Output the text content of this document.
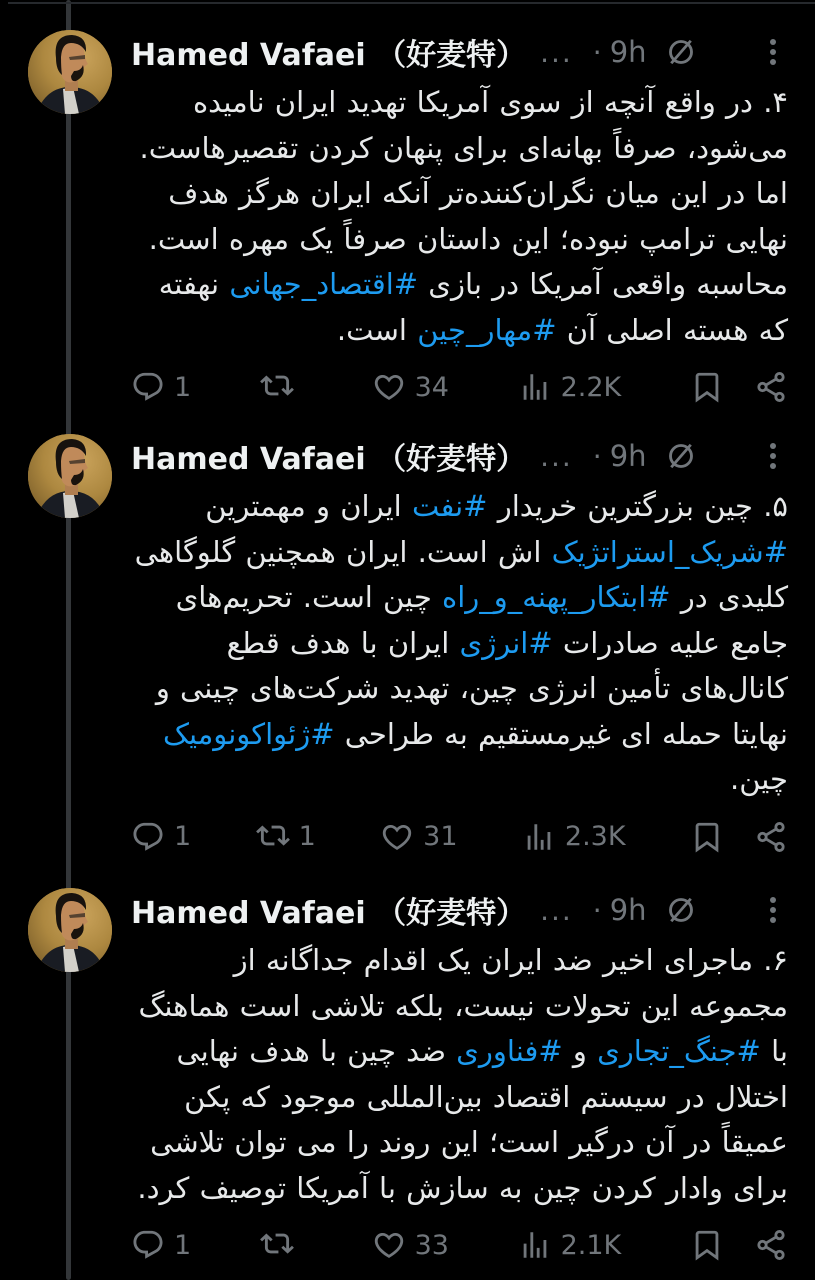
Hamed Vafaei （好麦特） ... · 9h
۴. در واقع آنچه از سوی آمریکا تهدید ایران نامیده می‌شود، صرفاً بهانه‌ای برای پنهان کردن تقصیرهاست. اما در این میان نگران‌کننده‌تر آنکه ایران هرگز هدف نهایی ترامپ نبوده؛ این داستان صرفاً یک مهره است. محاسبه واقعی آمریکا در بازی #اقتصاد_جهانی نهفته که هسته اصلی آن #مهار_چین است.
1	34	2.2K
Hamed Vafaei （好麦特） ... · 9h
۵. چین بزرگترین خریدار #نفت ایران و مهمترین #شریک_استراتژیک اش است. ایران همچنین گلوگاهی کلیدی در #ابتکار_پهنه_و_راه چین است. تحریم‌های جامع علیه صادرات #انرژی ایران با هدف قطع کانال‌های تأمین انرژی چین، تهدید شرکت‌های چینی و نهایتا حمله ای غیرمستقیم به طراحی #ژئواکونومیک چین.
1	1	31	2.3K
Hamed Vafaei （好麦特） ... · 9h
۶. ماجرای اخیر ضد ایران یک اقدام جداگانه از مجموعه این تحولات نیست، بلکه تلاشی است هماهنگ با #جنگ_تجاری و #فناوری ضد چین با هدف نهایی اختلال در سیستم اقتصاد بین‌المللی موجود که پکن عمیقاً در آن درگیر است؛ این روند را می توان تلاشی برای وادار کردن چین به سازش با آمریکا توصیف کرد.
1	33	2.1K
